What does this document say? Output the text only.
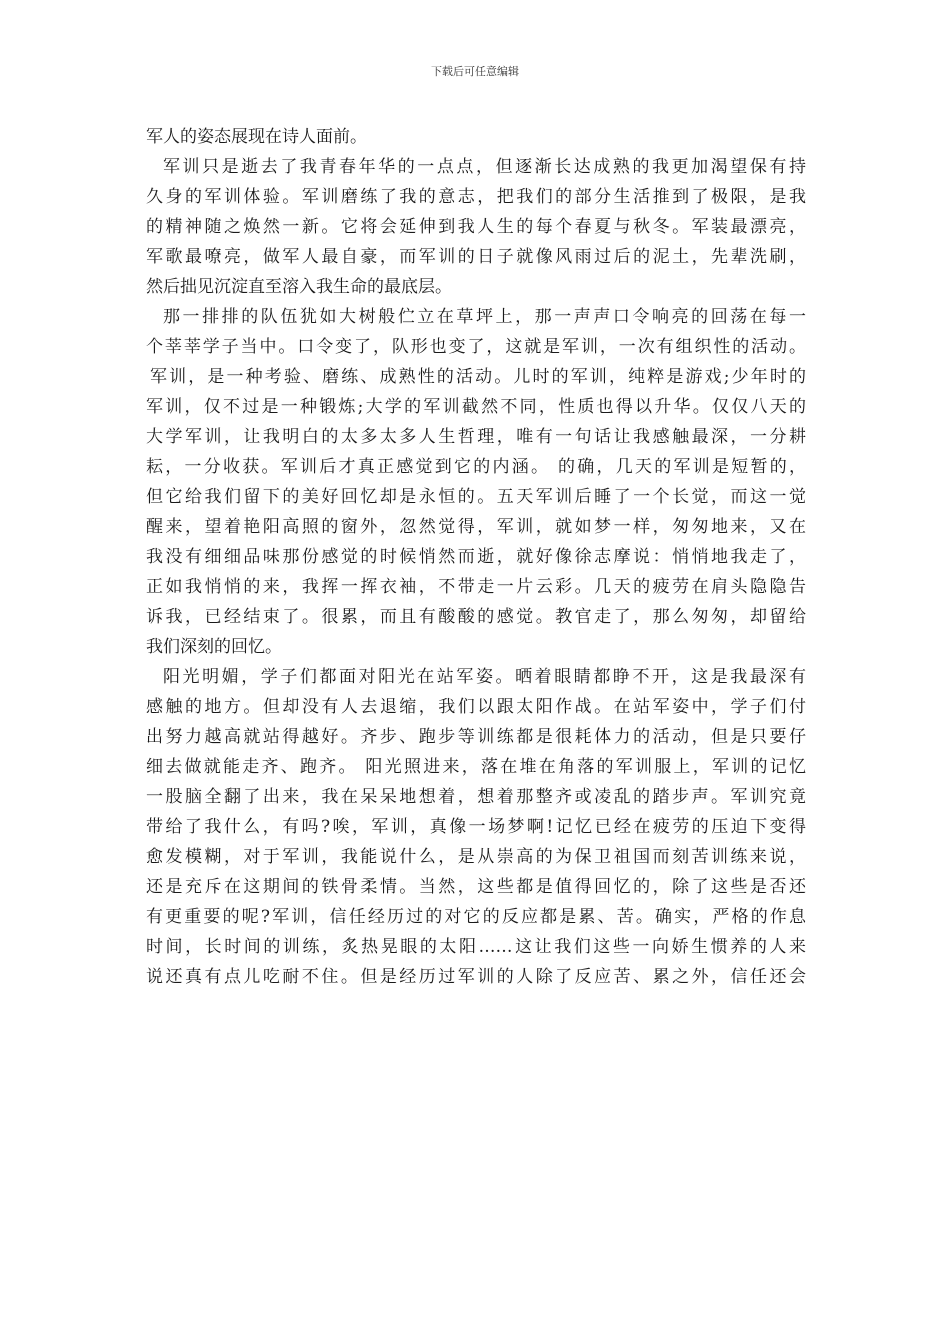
下载后可任意编辑
军人的姿态展现在诗人面前。
军训只是逝去了我青春年华的一点点，但逐渐长达成熟的我更加渴望保有持
久身的军训体验。军训磨练了我的意志，把我们的部分生活推到了极限，是我
的精神随之焕然一新。它将会延伸到我人生的每个春夏与秋冬。军装最漂亮，
军歌最嘹亮，做军人最自豪，而军训的日子就像风雨过后的泥土，先辈洗刷，
然后拙见沉淀直至溶入我生命的最底层。
那一排排的队伍犹如大树般伫立在草坪上，那一声声口令响亮的回荡在每一
个莘莘学子当中。口令变了，队形也变了，这就是军训，一次有组织性的活动。
军训，是一种考验、磨练、成熟性的活动。儿时的军训，纯粹是游戏;少年时的
军训，仅不过是一种锻炼;大学的军训截然不同，性质也得以升华。仅仅八天的
大学军训，让我明白的太多太多人生哲理，唯有一句话让我感触最深，一分耕
耘，一分收获。军训后才真正感觉到它的内涵。 的确，几天的军训是短暂的，
但它给我们留下的美好回忆却是永恒的。五天军训后睡了一个长觉，而这一觉
醒来，望着艳阳高照的窗外，忽然觉得，军训，就如梦一样，匆匆地来，又在
我没有细细品味那份感觉的时候悄然而逝，就好像徐志摩说：悄悄地我走了，
正如我悄悄的来，我挥一挥衣袖，不带走一片云彩。几天的疲劳在肩头隐隐告
诉我，已经结束了。很累，而且有酸酸的感觉。教官走了，那么匆匆，却留给
我们深刻的回忆。
阳光明媚，学子们都面对阳光在站军姿。晒着眼睛都睁不开，这是我最深有
感触的地方。但却没有人去退缩，我们以跟太阳作战。在站军姿中，学子们付
出努力越高就站得越好。齐步、跑步等训练都是很耗体力的活动，但是只要仔
细去做就能走齐、跑齐。 阳光照进来，落在堆在角落的军训服上，军训的记忆
一股脑全翻了出来，我在呆呆地想着，想着那整齐或凌乱的踏步声。军训究竟
带给了我什么，有吗?唉，军训，真像一场梦啊!记忆已经在疲劳的压迫下变得
愈发模糊，对于军训，我能说什么，是从崇高的为保卫祖国而刻苦训练来说，
还是充斥在这期间的铁骨柔情。当然，这些都是值得回忆的，除了这些是否还
有更重要的呢?军训，信任经历过的对它的反应都是累、苦。确实，严格的作息
时间，长时间的训练，炙热晃眼的太阳……这让我们这些一向娇生惯养的人来
说还真有点儿吃耐不住。但是经历过军训的人除了反应苦、累之外，信任还会
